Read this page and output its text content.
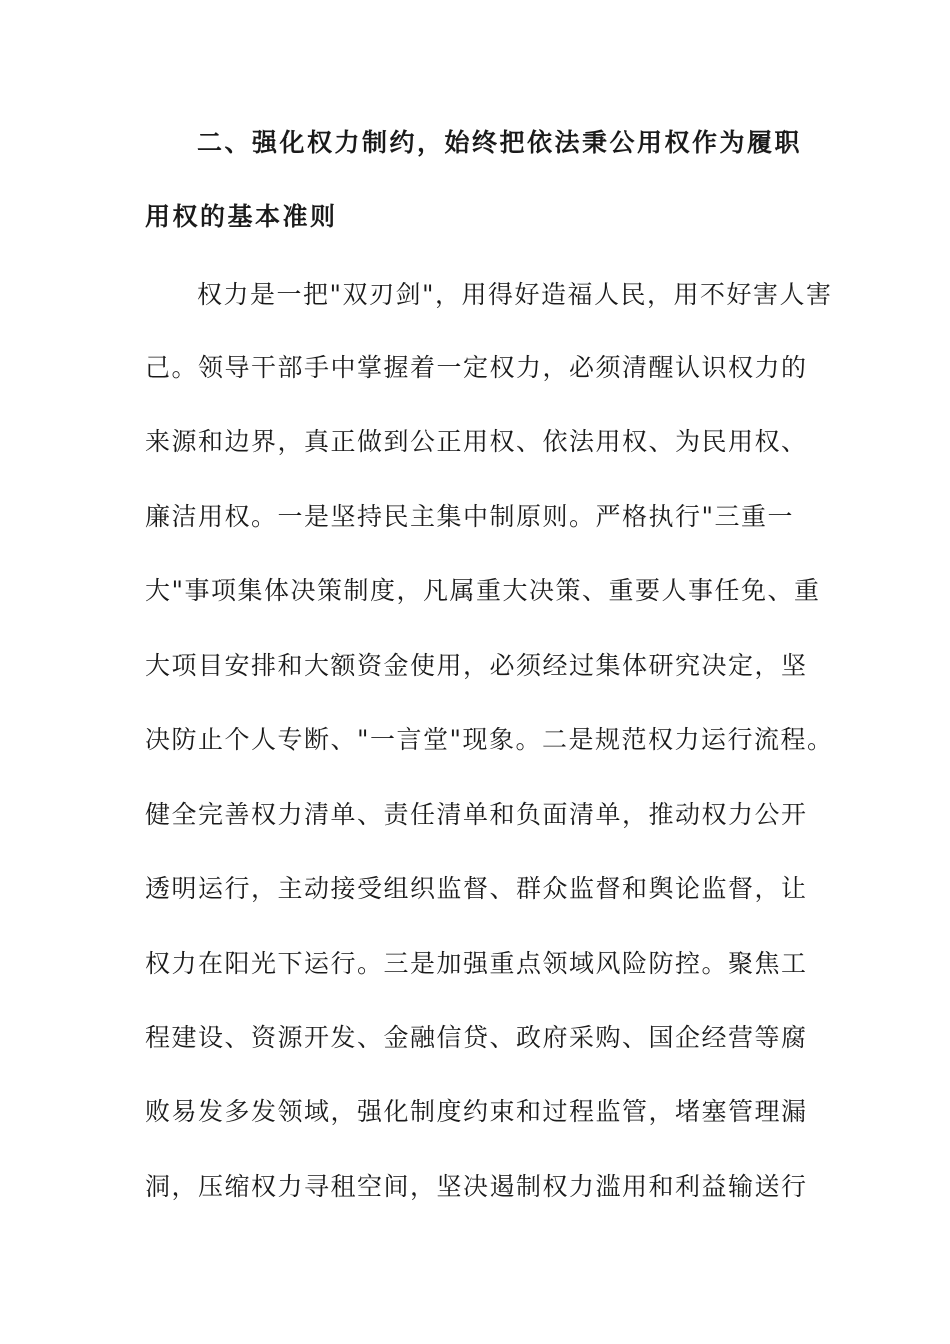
二、强化权力制约，始终把依法秉公用权作为履职
用权的基本准则
权力是一把"双刃剑"，用得好造福人民，用不好害人害
己。领导干部手中掌握着一定权力，必须清醒认识权力的
来源和边界，真正做到公正用权、依法用权、为民用权、
廉洁用权。一是坚持民主集中制原则。严格执行"三重一
大"事项集体决策制度，凡属重大决策、重要人事任免、重
大项目安排和大额资金使用，必须经过集体研究决定，坚
决防止个人专断、"一言堂"现象。二是规范权力运行流程。
健全完善权力清单、责任清单和负面清单，推动权力公开
透明运行，主动接受组织监督、群众监督和舆论监督，让
权力在阳光下运行。三是加强重点领域风险防控。聚焦工
程建设、资源开发、金融信贷、政府采购、国企经营等腐
败易发多发领域，强化制度约束和过程监管，堵塞管理漏
洞，压缩权力寻租空间，坚决遏制权力滥用和利益输送行
